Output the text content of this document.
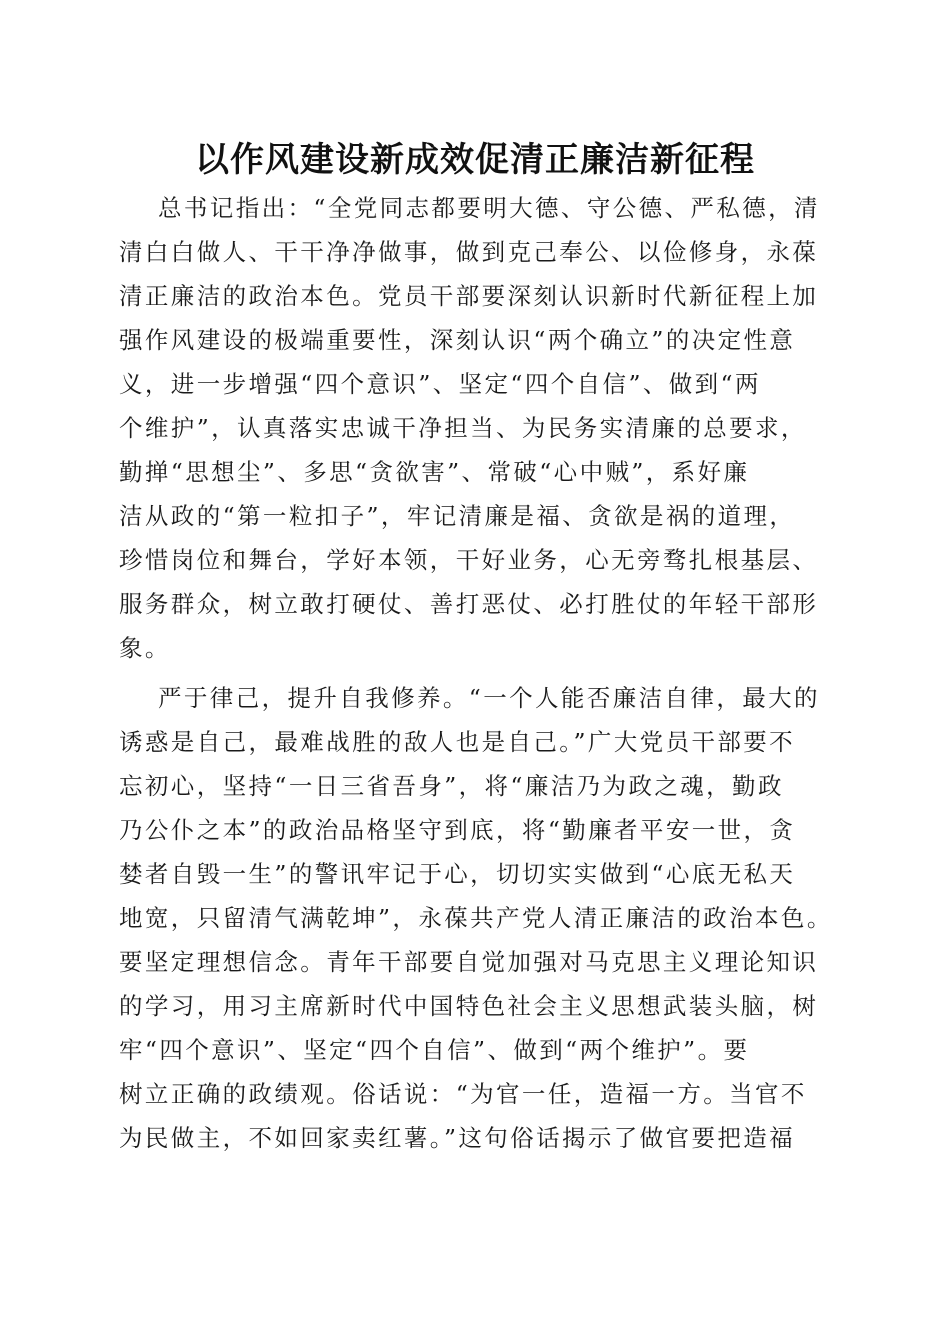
以作风建设新成效促清正廉洁新征程

总书记指出：“全党同志都要明大德、守公德、严私德，清

清白白做人、干干净净做事，做到克己奉公、以俭修身，永葆

清正廉洁的政治本色。党员干部要深刻认识新时代新征程上加

强作风建设的极端重要性，深刻认识“两个确立”的决定性意

义，进一步增强“四个意识”、坚定“四个自信”、做到“两

个维护”，认真落实忠诚干净担当、为民务实清廉的总要求，

勤掸“思想尘”、多思“贪欲害”、常破“心中贼”，系好廉

洁从政的“第一粒扣子”，牢记清廉是福、贪欲是祸的道理，

珍惜岗位和舞台，学好本领，干好业务，心无旁骛扎根基层、

服务群众，树立敢打硬仗、善打恶仗、必打胜仗的年轻干部形

象。

严于律己，提升自我修养。“一个人能否廉洁自律，最大的

诱惑是自己，最难战胜的敌人也是自己。”广大党员干部要不

忘初心，坚持“一日三省吾身”，将“廉洁乃为政之魂，勤政

乃公仆之本”的政治品格坚守到底，将“勤廉者平安一世，贪

婪者自毁一生”的警讯牢记于心，切切实实做到“心底无私天

地宽，只留清气满乾坤”，永葆共产党人清正廉洁的政治本色。

要坚定理想信念。青年干部要自觉加强对马克思主义理论知识

的学习，用习主席新时代中国特色社会主义思想武装头脑，树

牢“四个意识”、坚定“四个自信”、做到“两个维护”。要

树立正确的政绩观。俗话说：“为官一任，造福一方。当官不

为民做主，不如回家卖红薯。”这句俗话揭示了做官要把造福
